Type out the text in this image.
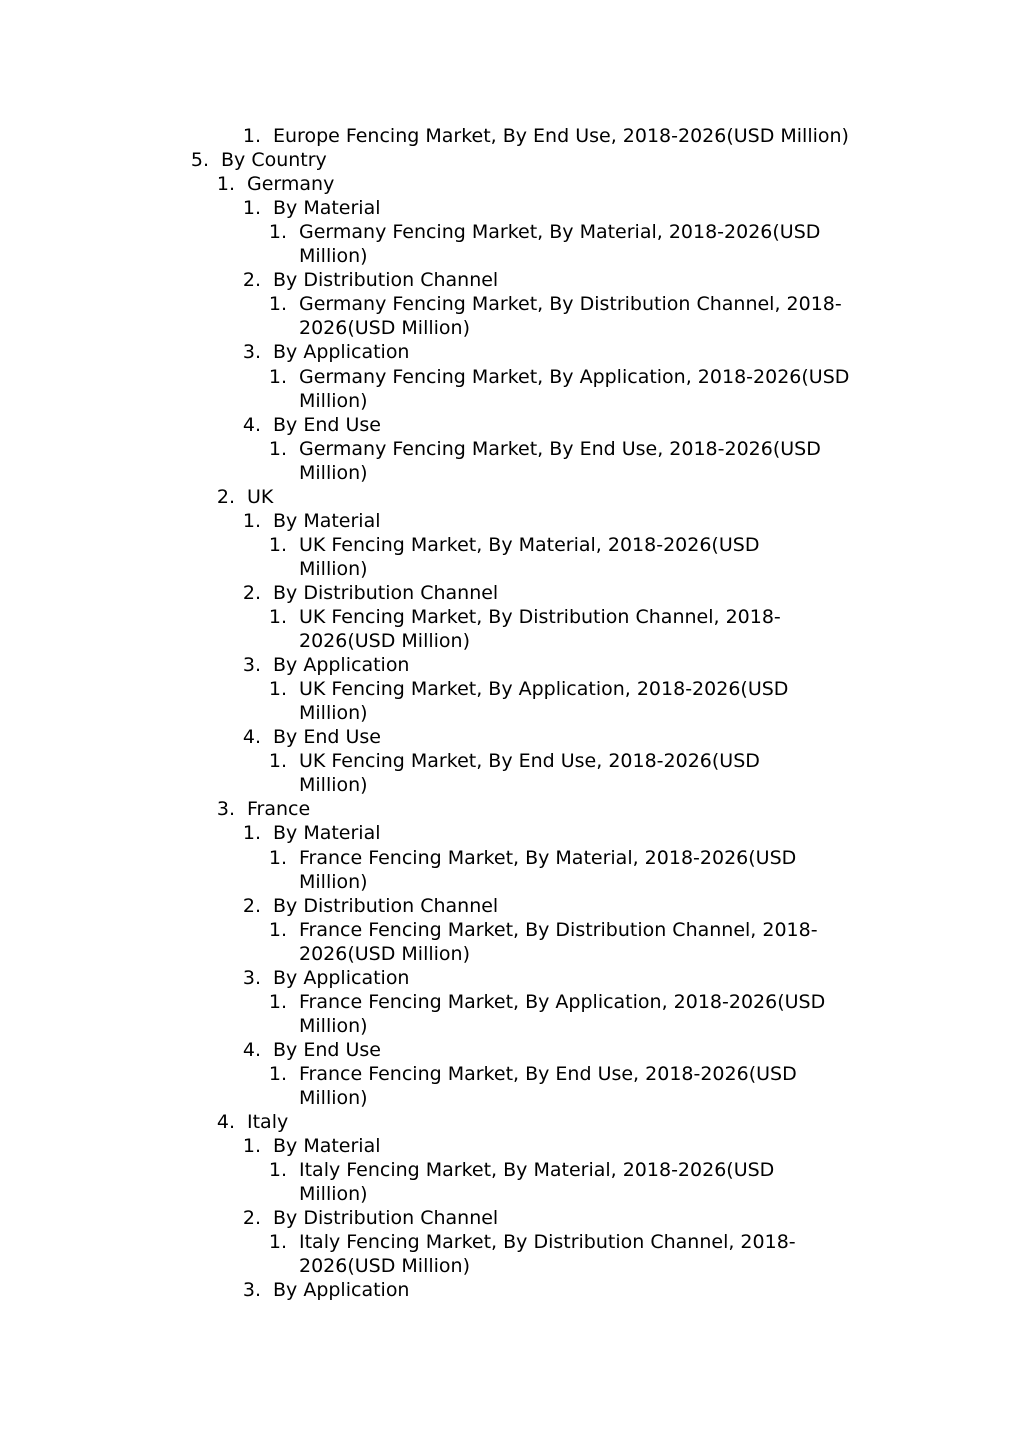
1. Europe Fencing Market, By End Use, 2018-2026(USD Million)
5. By Country
1. Germany
1. By Material
1. Germany Fencing Market, By Material, 2018-2026(USD
Million)
2. By Distribution Channel
1. Germany Fencing Market, By Distribution Channel, 2018-
2026(USD Million)
3. By Application
1. Germany Fencing Market, By Application, 2018-2026(USD
Million)
4. By End Use
1. Germany Fencing Market, By End Use, 2018-2026(USD
Million)
2. UK
1. By Material
1. UK Fencing Market, By Material, 2018-2026(USD
Million)
2. By Distribution Channel
1. UK Fencing Market, By Distribution Channel, 2018-
2026(USD Million)
3. By Application
1. UK Fencing Market, By Application, 2018-2026(USD
Million)
4. By End Use
1. UK Fencing Market, By End Use, 2018-2026(USD
Million)
3. France
1. By Material
1. France Fencing Market, By Material, 2018-2026(USD
Million)
2. By Distribution Channel
1. France Fencing Market, By Distribution Channel, 2018-
2026(USD Million)
3. By Application
1. France Fencing Market, By Application, 2018-2026(USD
Million)
4. By End Use
1. France Fencing Market, By End Use, 2018-2026(USD
Million)
4. Italy
1. By Material
1. Italy Fencing Market, By Material, 2018-2026(USD
Million)
2. By Distribution Channel
1. Italy Fencing Market, By Distribution Channel, 2018-
2026(USD Million)
3. By Application
